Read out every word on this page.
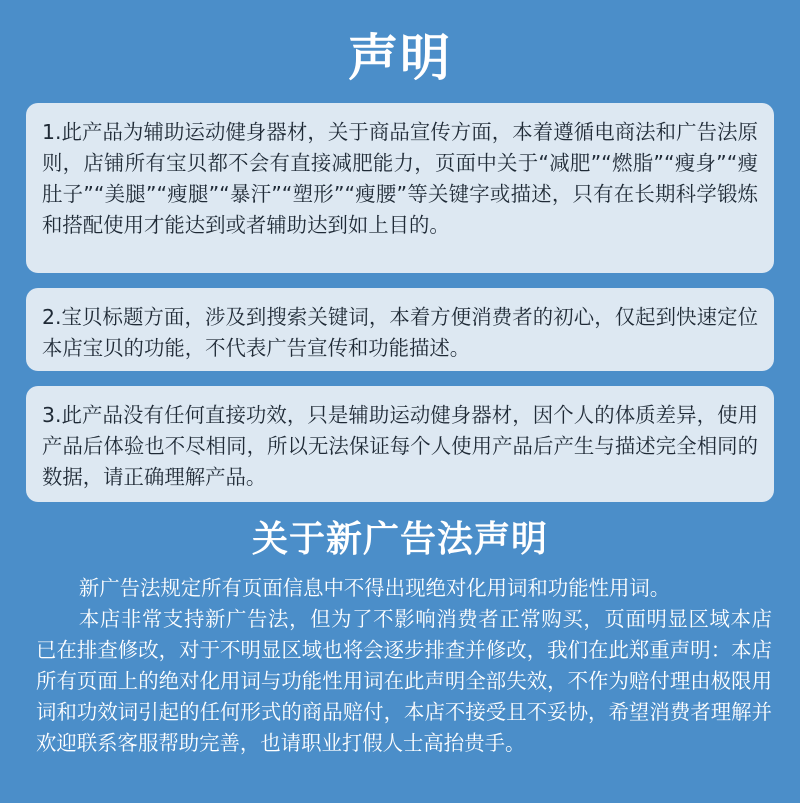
声明

1.此产品为辅助运动健身器材，关于商品宣传方面，本着遵循电商法和广告法原则，店铺所有宝贝都不会有直接减肥能力，页面中关于“减肥”“燃脂”“瘦身”“瘦肚子”“美腿”“瘦腿”“暴汗”“塑形”“瘦腰”等关键字或描述，只有在长期科学锻炼和搭配使用才能达到或者辅助达到如上目的。

2.宝贝标题方面，涉及到搜索关键词，本着方便消费者的初心，仅起到快速定位本店宝贝的功能，不代表广告宣传和功能描述。

3.此产品没有任何直接功效，只是辅助运动健身器材，因个人的体质差异，使用产品后体验也不尽相同，所以无法保证每个人使用产品后产生与描述完全相同的数据，请正确理解产品。

关于新广告法声明

新广告法规定所有页面信息中不得出现绝对化用词和功能性用词。

本店非常支持新广告法，但为了不影响消费者正常购买，页面明显区域本店已在排查修改，对于不明显区域也将会逐步排查并修改，我们在此郑重声明：本店所有页面上的绝对化用词与功能性用词在此声明全部失效，不作为赔付理由极限用词和功效词引起的任何形式的商品赔付，本店不接受且不妥协，希望消费者理解并欢迎联系客服帮助完善，也请职业打假人士高抬贵手。
